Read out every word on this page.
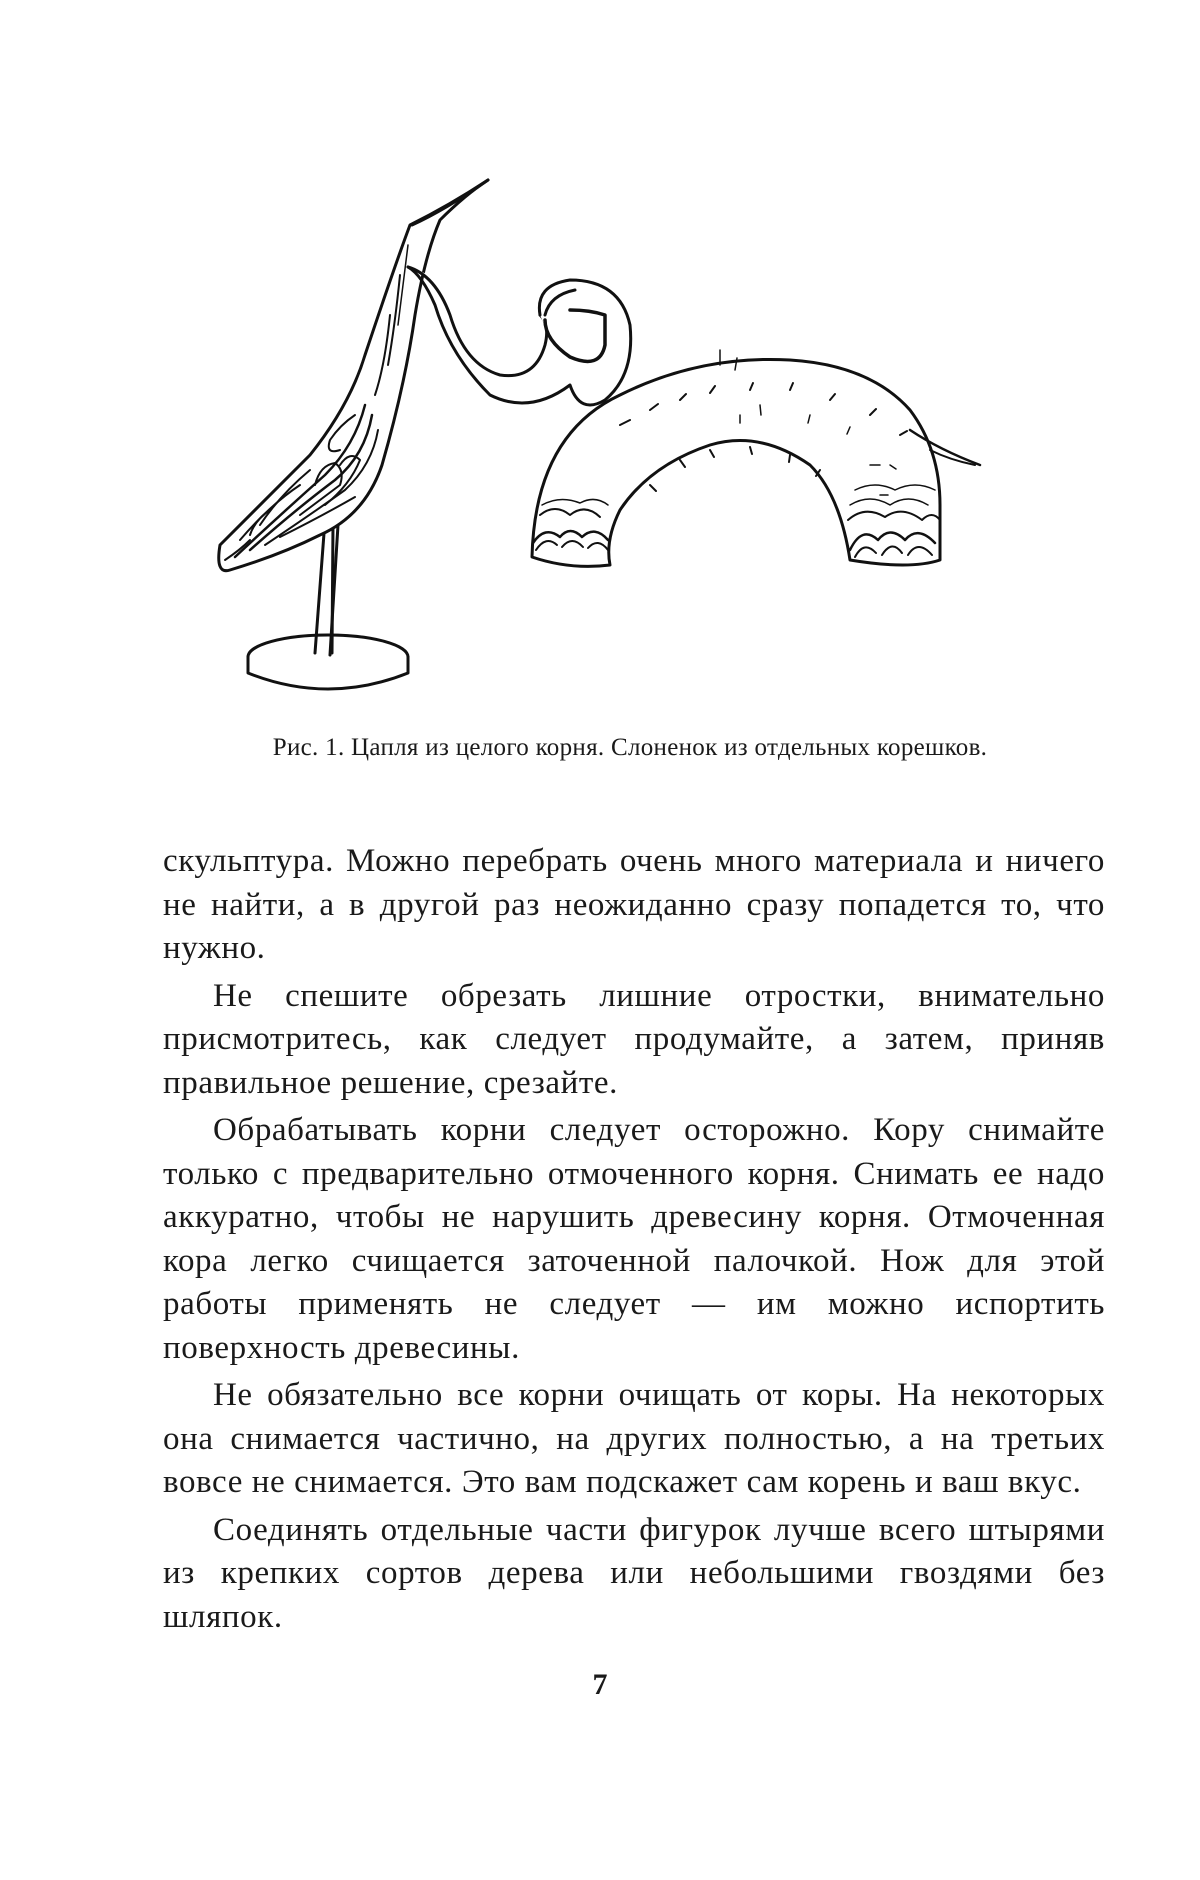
Рис. 1. Цапля из целого корня. Слоненок из отдельных корешков.

скульптура. Можно перебрать очень много материала и ничего не найти, а в другой раз неожиданно сразу попадется то, что нужно.

Не спешите обрезать лишние отростки, внимательно присмотритесь, как следует продумайте, а затем, приняв правильное решение, срезайте.

Обрабатывать корни следует осторожно. Кору снимайте только с предварительно отмоченного корня. Снимать ее надо аккуратно, чтобы не нарушить древесину корня. Отмоченная кора легко счищается заточенной палочкой. Нож для этой работы применять не следует — им можно испортить поверхность древесины.

Не обязательно все корни очищать от коры. На некоторых она снимается частично, на других полностью, а на третьих вовсе не снимается. Это вам подскажет сам корень и ваш вкус.

Соединять отдельные части фигурок лучше всего штырями из крепких сортов дерева или небольшими гвоздями без шляпок.

7
